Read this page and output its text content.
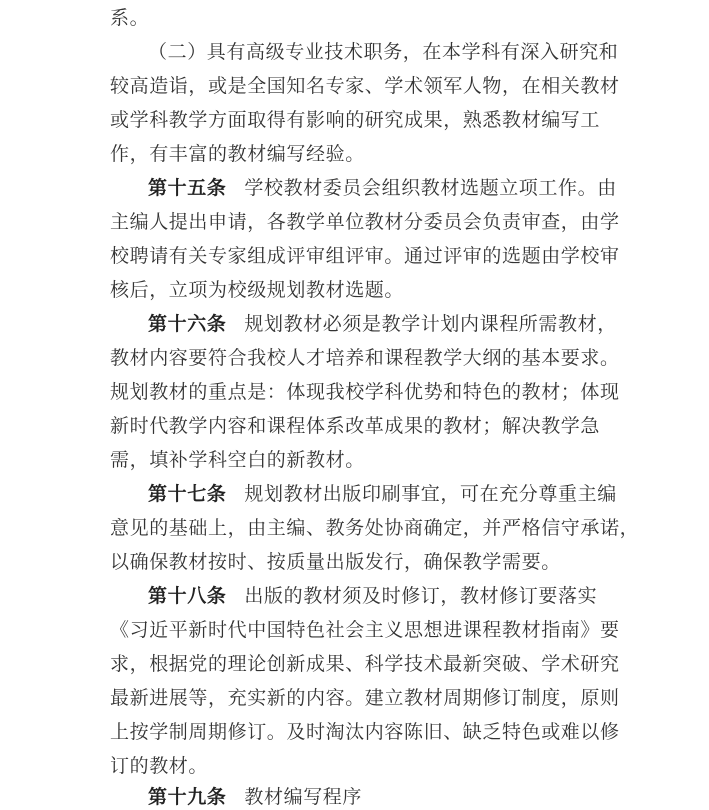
系。
（二）具有高级专业技术职务，在本学科有深入研究和
较高造诣，或是全国知名专家、学术领军人物，在相关教材
或学科教学方面取得有影响的研究成果，熟悉教材编写工
作，有丰富的教材编写经验。
第十五条 学校教材委员会组织教材选题立项工作。由
主编人提出申请，各教学单位教材分委员会负责审查，由学
校聘请有关专家组成评审组评审。通过评审的选题由学校审
核后，立项为校级规划教材选题。
第十六条 规划教材必须是教学计划内课程所需教材，
教材内容要符合我校人才培养和课程教学大纲的基本要求。
规划教材的重点是：体现我校学科优势和特色的教材；体现
新时代教学内容和课程体系改革成果的教材；解决教学急
需，填补学科空白的新教材。
第十七条 规划教材出版印刷事宜，可在充分尊重主编
意见的基础上，由主编、教务处协商确定，并严格信守承诺，
以确保教材按时、按质量出版发行，确保教学需要。
第十八条 出版的教材须及时修订，教材修订要落实
《习近平新时代中国特色社会主义思想进课程教材指南》要
求，根据党的理论创新成果、科学技术最新突破、学术研究
最新进展等，充实新的内容。建立教材周期修订制度，原则
上按学制周期修订。及时淘汰内容陈旧、缺乏特色或难以修
订的教材。
第十九条 教材编写程序
